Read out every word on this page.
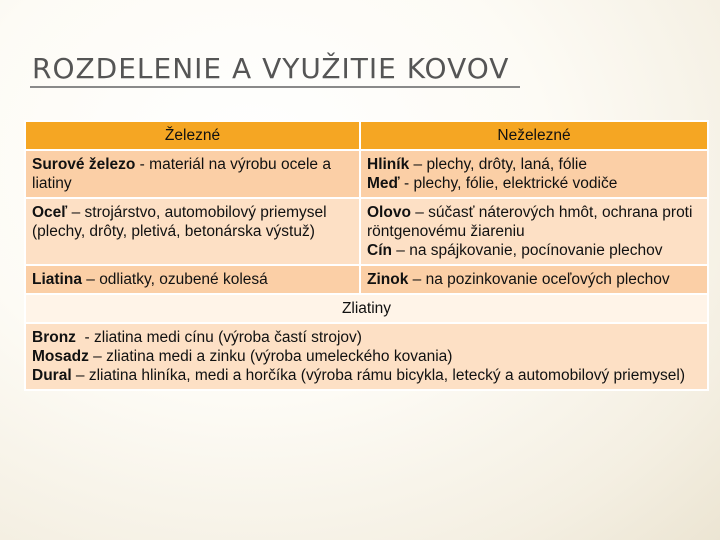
ROZDELENIE A VYUŽITIE KOVOV
Železné	Neželezné

Surové železo - materiál na výrobu ocele a liatiny	Hliník – plechy, drôty, laná, fólie
Meď - plechy, fólie, elektrické vodiče

Oceľ – strojárstvo, automobilový priemysel (plechy, drôty, pletivá, betonárska výstuž)	Olovo – súčasť náterových hmôt, ochrana proti röntgenovému žiareniu
Cín – na spájkovanie, pocínovanie plechov

Liatina – odliatky, ozubené kolesá	Zinok – na pozinkovanie oceľových plechov

Zliatiny	

Bronz  - zliatina medi cínu (výroba častí strojov)
Mosadz – zliatina medi a zinku (výroba umeleckého kovania)
Dural – zliatina hliníka, medi a horčíka (výroba rámu bicykla, letecký a automobilový priemysel)	
